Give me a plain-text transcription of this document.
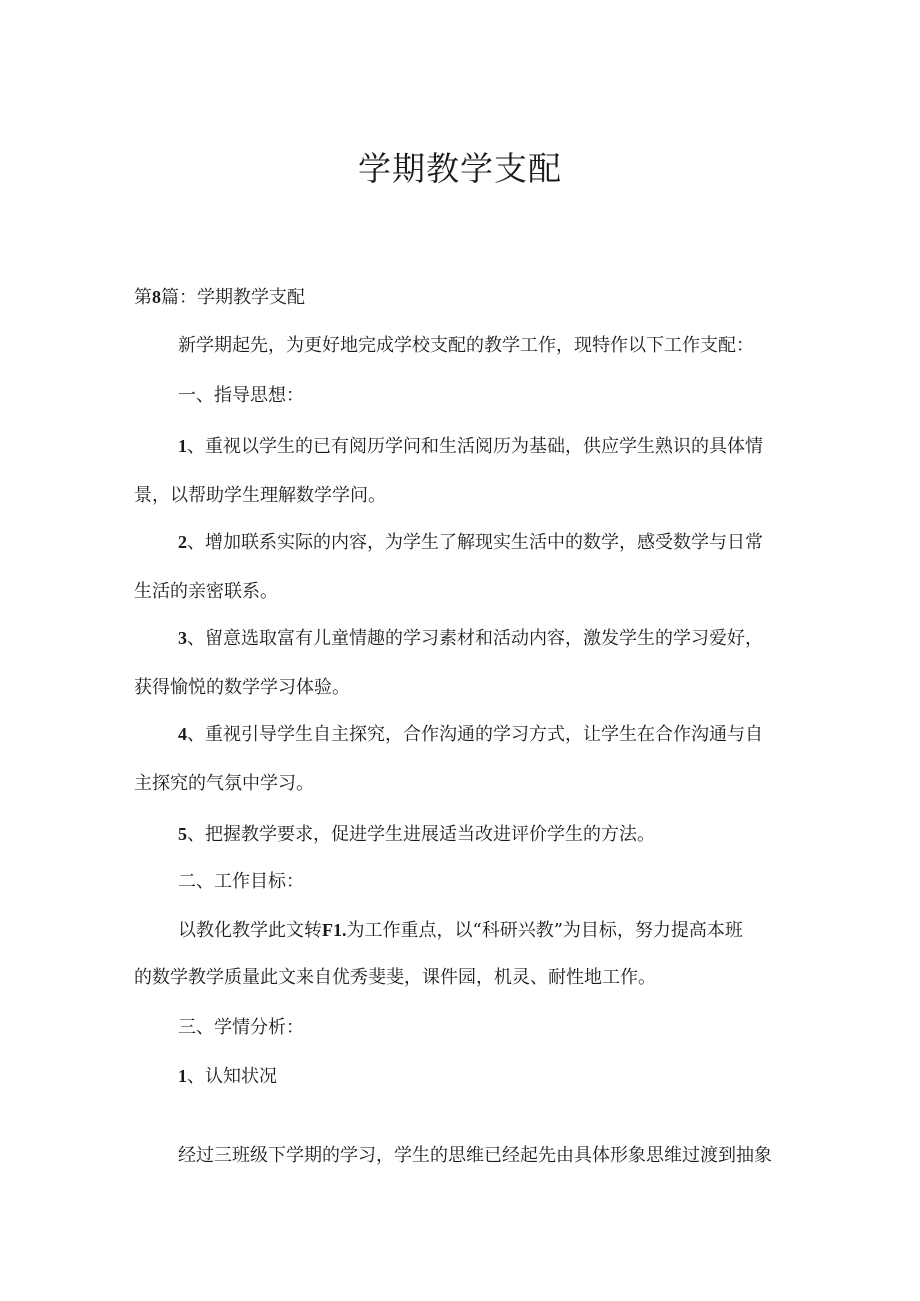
学期教学支配
第8篇：学期教学支配
新学期起先，为更好地完成学校支配的教学工作，现特作以下工作支配：
一、指导思想：
1、重视以学生的已有阅历学问和生活阅历为基础，供应学生熟识的具体情
景，以帮助学生理解数学学问。
2、增加联系实际的内容，为学生了解现实生活中的数学，感受数学与日常
生活的亲密联系。
3、留意选取富有儿童情趣的学习素材和活动内容，激发学生的学习爱好，
获得愉悦的数学学习体验。
4、重视引导学生自主探究，合作沟通的学习方式，让学生在合作沟通与自
主探究的气氛中学习。
5、把握教学要求，促进学生进展适当改进评价学生的方法。
二、工作目标：
以教化教学此文转F1.为工作重点，以“科研兴教”为目标，努力提高本班
的数学教学质量此文来自优秀斐斐，课件园，机灵、耐性地工作。
三、学情分析：
1、认知状况
经过三班级下学期的学习，学生的思维已经起先由具体形象思维过渡到抽象
